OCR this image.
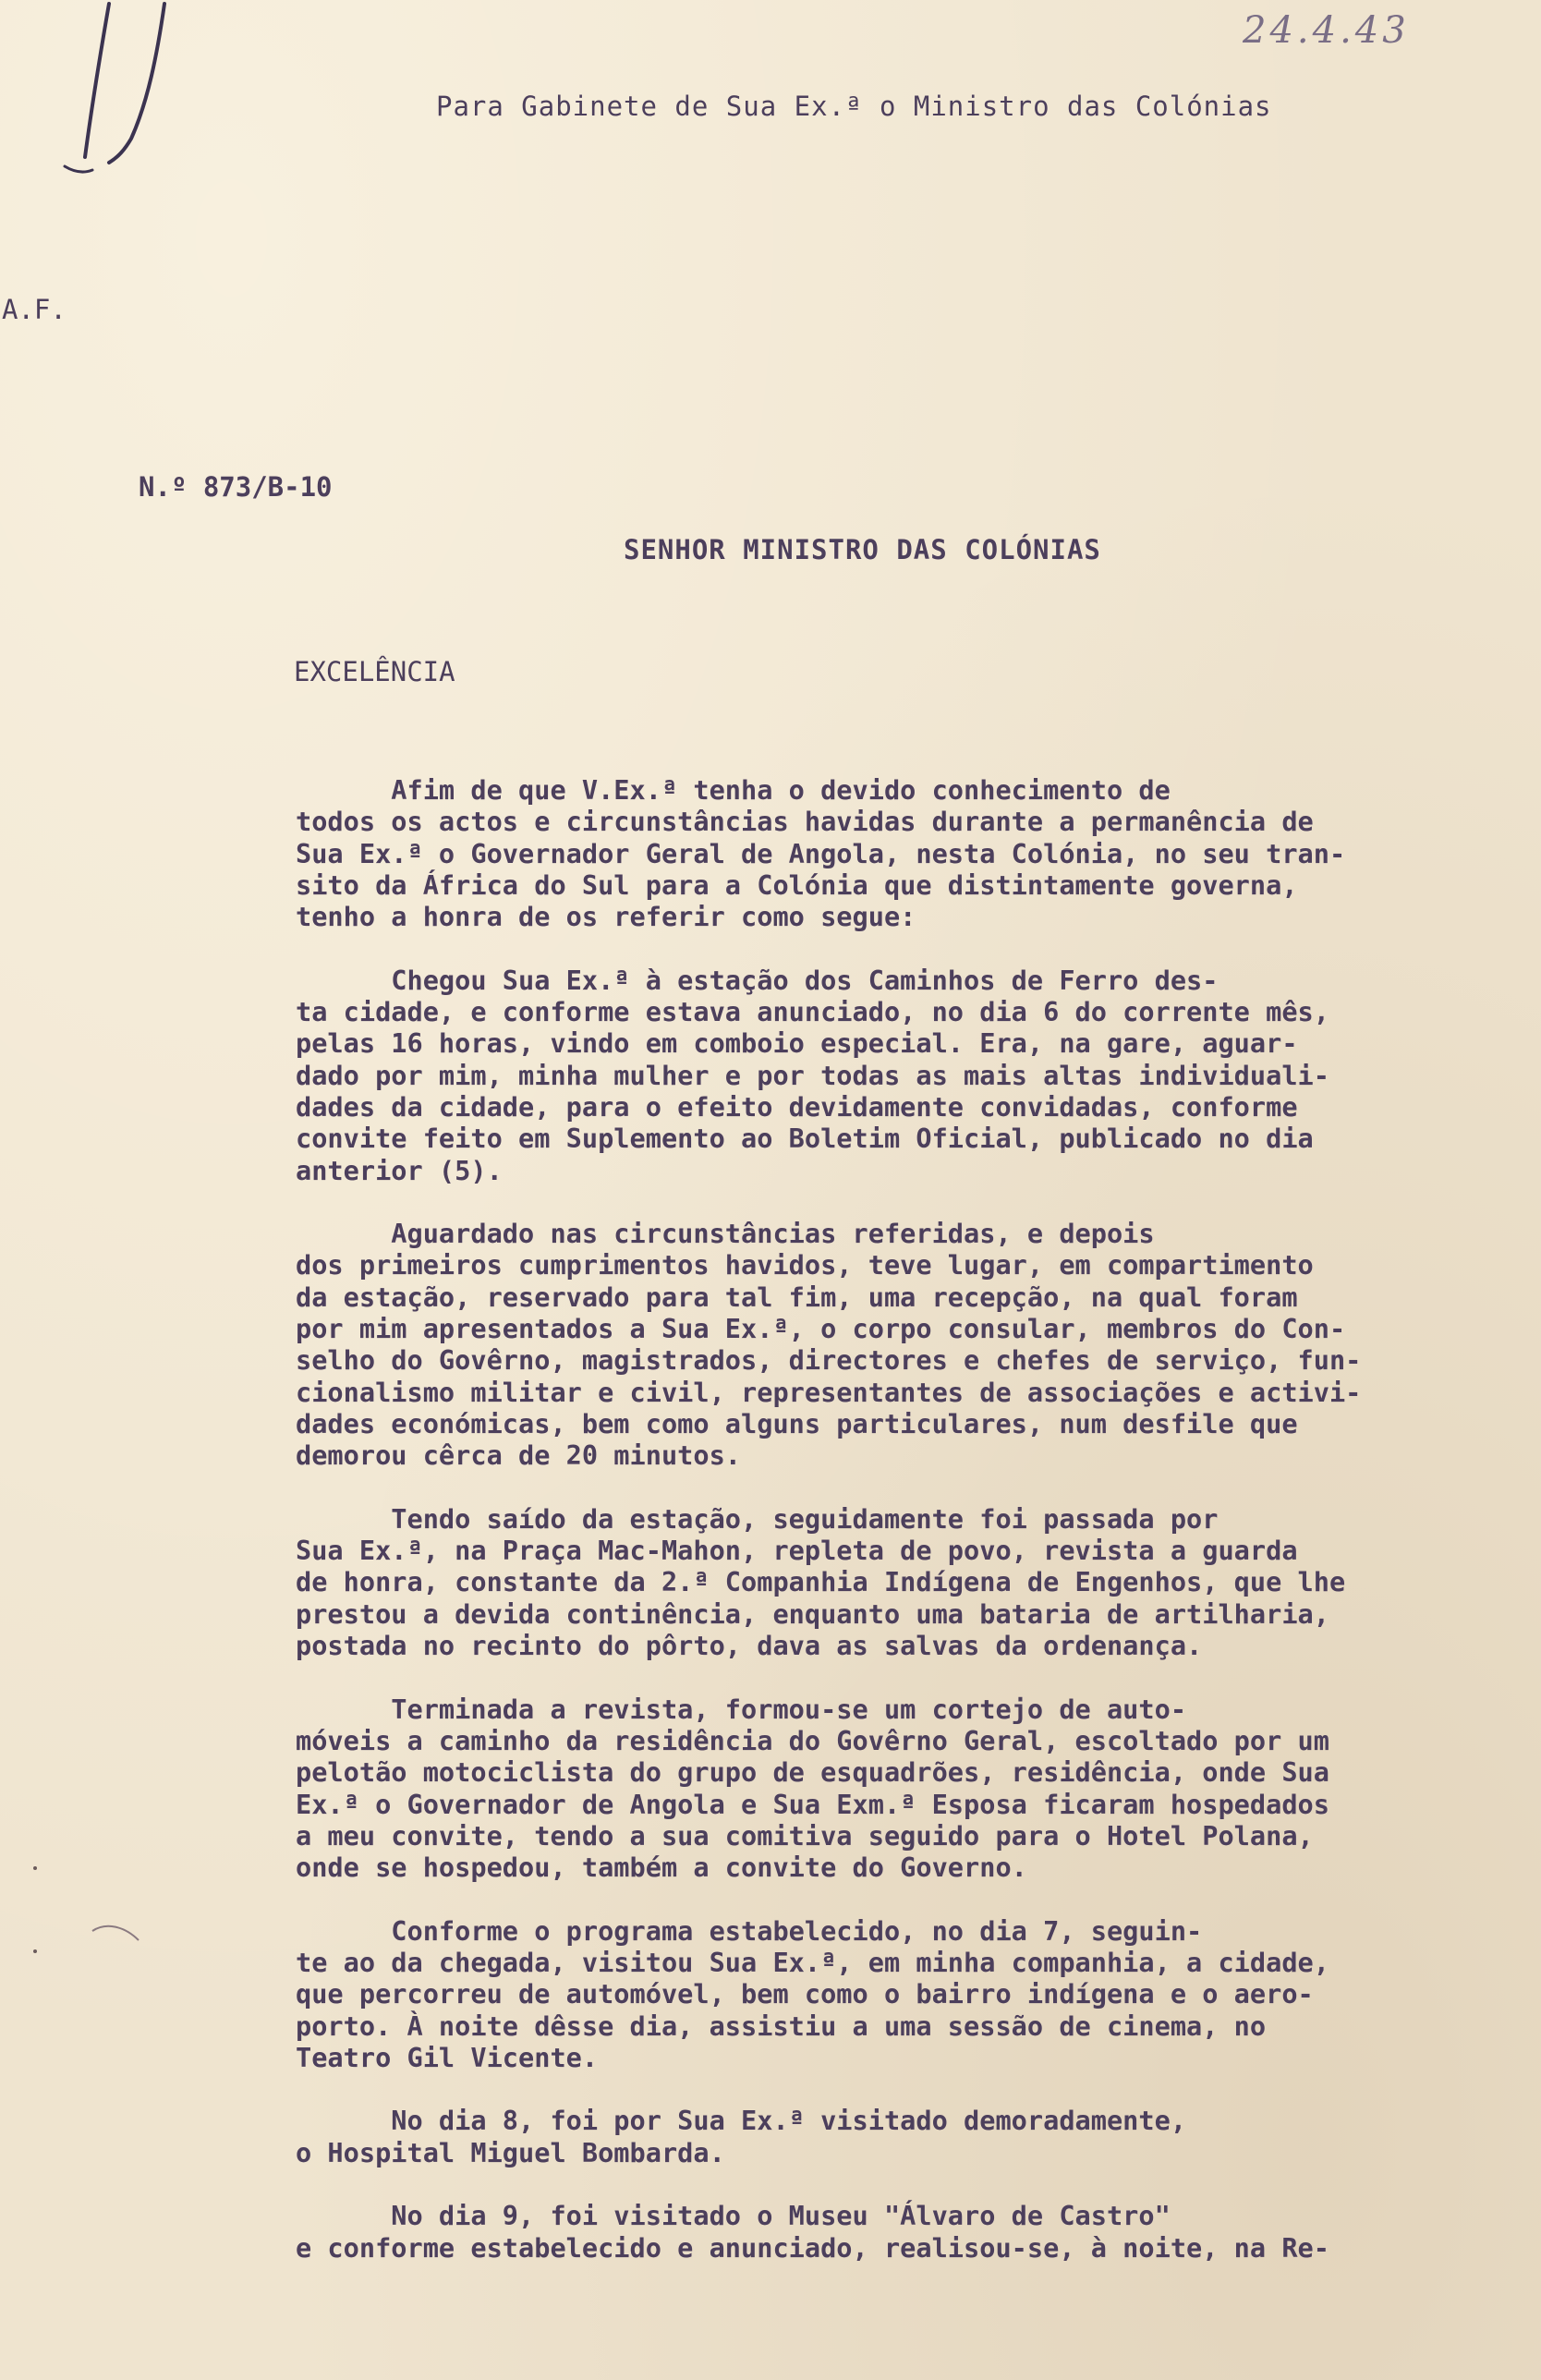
24.4.43
Para Gabinete de Sua Ex.ª o Ministro das Colónias
A.F.
N.º 873/B-10
SENHOR MINISTRO DAS COLÓNIAS
EXCELÊNCIA
Afim de que V.Ex.ª tenha o devido conhecimento de
todos os actos e circunstâncias havidas durante a permanência de
Sua Ex.ª o Governador Geral de Angola, nesta Colónia, no seu tran-
sito da África do Sul para a Colónia que distintamente governa,
tenho a honra de os referir como segue:
Chegou Sua Ex.ª à estação dos Caminhos de Ferro des-
ta cidade, e conforme estava anunciado, no dia 6 do corrente mês,
pelas 16 horas, vindo em comboio especial. Era, na gare, aguar-
dado por mim, minha mulher e por todas as mais altas individuali-
dades da cidade, para o efeito devidamente convidadas, conforme
convite feito em Suplemento ao Boletim Oficial, publicado no dia
anterior (5).
Aguardado nas circunstâncias referidas, e depois
dos primeiros cumprimentos havidos, teve lugar, em compartimento
da estação, reservado para tal fim, uma recepção, na qual foram
por mim apresentados a Sua Ex.ª, o corpo consular, membros do Con-
selho do Govêrno, magistrados, directores e chefes de serviço, fun-
cionalismo militar e civil, representantes de associações e activi-
dades económicas, bem como alguns particulares, num desfile que
demorou cêrca de 20 minutos.
Tendo saído da estação, seguidamente foi passada por
Sua Ex.ª, na Praça Mac-Mahon, repleta de povo, revista a guarda
de honra, constante da 2.ª Companhia Indígena de Engenhos, que lhe
prestou a devida continência, enquanto uma bataria de artilharia,
postada no recinto do pôrto, dava as salvas da ordenança.
Terminada a revista, formou-se um cortejo de auto-
móveis a caminho da residência do Govêrno Geral, escoltado por um
pelotão motociclista do grupo de esquadrões, residência, onde Sua
Ex.ª o Governador de Angola e Sua Exm.ª Esposa ficaram hospedados
a meu convite, tendo a sua comitiva seguido para o Hotel Polana,
onde se hospedou, também a convite do Governo.
Conforme o programa estabelecido, no dia 7, seguin-
te ao da chegada, visitou Sua Ex.ª, em minha companhia, a cidade,
que percorreu de automóvel, bem como o bairro indígena e o aero-
porto. À noite dêsse dia, assistiu a uma sessão de cinema, no
Teatro Gil Vicente.
No dia 8, foi por Sua Ex.ª visitado demoradamente,
o Hospital Miguel Bombarda.
No dia 9, foi visitado o Museu "Álvaro de Castro"
e conforme estabelecido e anunciado, realisou-se, à noite, na Re-
